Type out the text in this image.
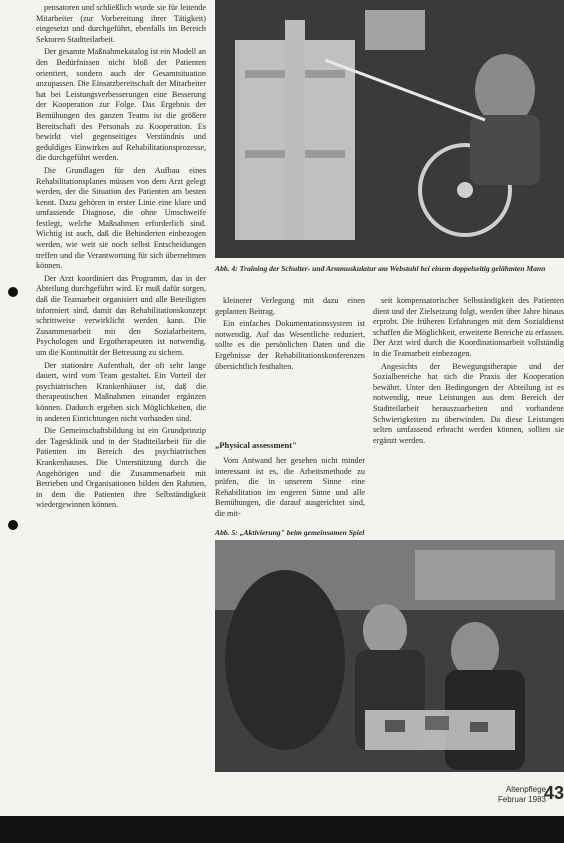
pensatoren und schließlich wurde sie für leitende Mitarbeiter (zur Vorbereitung ihrer Tätigkeit) eingesetzt und durchgeführt, ebenfalls im Bereich Sektoren Stadtteilarbeit.

Der gesamte Maßnahmekatalog ist ein Modell an den Bedürfnissen nicht bloß der Patienten orientiert, sondern auch der Gesamtsituation anzupassen. Die Einsatzbereitschaft der Mitarbeiter hat bei Leistungsverbesserungen eine Besserung der Kooperation zur Folge. Das Ergebnis der Bemühungen des ganzen Teams ist die größere Bereitschaft des Personals zu Kooperation. Es bewirkt viel gegenseitiges Verständnis und geduldiges Einwirken auf Rehabilitationsprozesse, die durchgeführt werden.

Die Grundlagen für den Aufbau eines Rehabilitationsplanes müssen von dem Arzt gelegt werden, der die Situation des Patienten am besten kennt. Dazu gehören in erster Linie eine klare und umfassende Diagnose, die ohne Umschweife festlegt, welche Maßnahmen erforderlich sind. Wichtig ist auch, daß die Behinderten einbezogen werden, wie weit sie noch selbst Entscheidungen treffen und die Verantwortung für sich übernehmen können.

Der Arzt koordiniert das Programm, das in der Abteilung durchgeführt wird. Er muß dafür sorgen, daß die Teamarbeit organisiert und alle Beteiligten informiert sind, damit das Rehabilitationskonzept schrittweise verwirklicht werden kann. Die Zusammenarbeit mit den Sozialarbeitern, Psychologen und Ergotherapeuten ist notwendig, um die Kontinuität der Betreuung zu sichern.

Der stationäre Aufenthalt, der oft sehr lange dauert, wird vom Team gestaltet. Ein Vorteil der psychiatrischen Krankenhäuser ist, daß die therapeutischen Maßnahmen einander ergänzen können. Dadurch ergeben sich Möglichkeiten, die in anderen Einrichtungen nicht vorhanden sind.

Die Gemeinschaftsbildung ist ein Grundprinzip der Tagesklinik und in der Stadtteilarbeit für die Patienten im Bereich des psychiatrischen Krankenhauses. Die Unterstützung durch die Angehörigen und die Zusammenarbeit mit Betrieben und Organisationen bilden den Rahmen, in dem die Patienten ihre Selbständigkeit wiedergewinnen können.

Abb. 4: Training der Schulter- und Armmuskulatur am Webstuhl bei einem doppelseitig gelähmten Mann

kleinerer Verlegung mit dazu einen geplanten Beitrag.

Ein einfaches Dokumentationssystem ist notwendig. Auf das Wesentliche reduziert, sollte es die persönlichen Daten und die Ergebnisse der Rehabilitationskonferenzen übersichtlich festhalten.

„Physical assessment"

Vom Antwand her gesehen nicht minder interessant ist es, die Arbeitsmethode zu prüfen, die in unserem Sinne eine Rehabilitation im engeren Sinne und alle Bemühungen, die darauf ausgerichtet sind, die mit-

seit kompensatorischer Selbständigkeit des Patienten dient und der Zielsetzung folgt, werden über Jahre hinaus erprobt. Die früheren Erfahrungen mit dem Sozialdienst schaffen die Möglichkeit, erweiterte Bereiche zu erfassen. Der Arzt wird durch die Koordinationsarbeit vollständig in die Teamarbeit einbezogen.

Angesichts der Bewegungstherapie und der Sozialbereiche hat sich die Praxis der Kooperation bewährt. Unter den Bedingungen der Abteilung ist es notwendig, neue Leistungen aus dem Bereich der Stadtteilarbeit herauszuarbeiten und vorhandene Schwierigkeiten zu überwinden. Da diese Leistungen selten umfassend erbracht werden können, sollten sie ergänzt werden.

Abb. 5: „Aktivierung" beim gemeinsamen Spiel
Altenpflege
Februar 1983
43
